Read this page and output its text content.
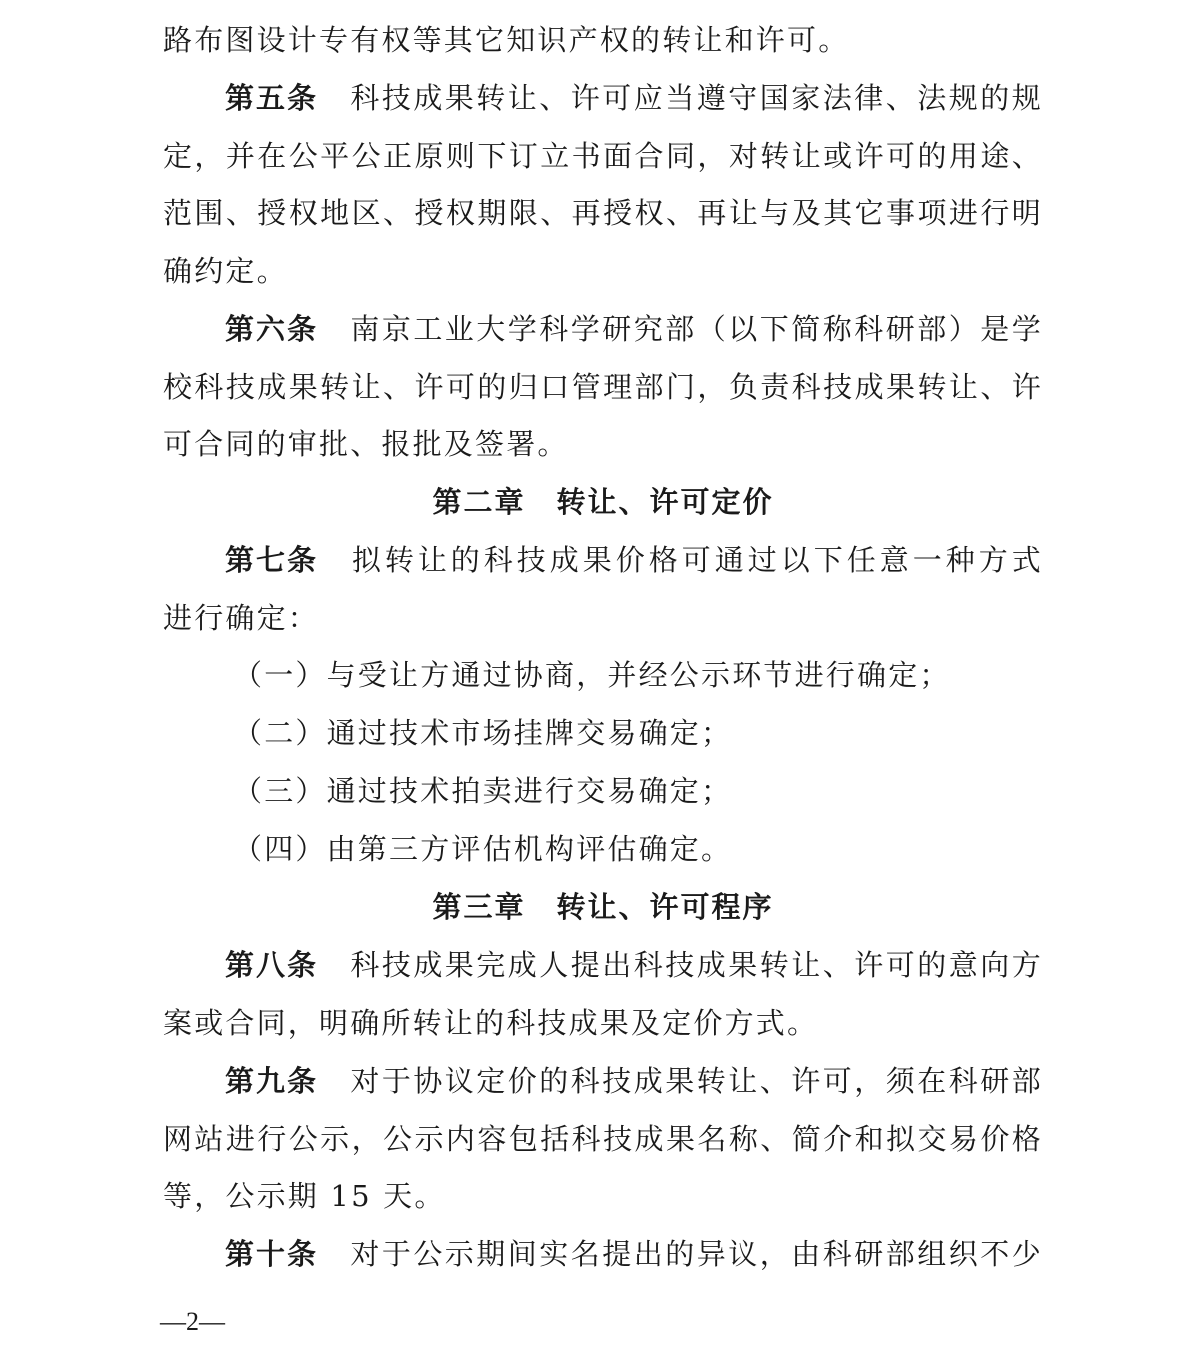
路布图设计专有权等其它知识产权的转让和许可。
第五条 科技成果转让、许可应当遵守国家法律、法规的规
定，并在公平公正原则下订立书面合同，对转让或许可的用途、
范围、授权地区、授权期限、再授权、再让与及其它事项进行明
确约定。
第六条 南京工业大学科学研究部（以下简称科研部）是学
校科技成果转让、许可的归口管理部门，负责科技成果转让、许
可合同的审批、报批及签署。
第二章　转让、许可定价
第七条 拟转让的科技成果价格可通过以下任意一种方式
进行确定：
（一）与受让方通过协商，并经公示环节进行确定；
（二）通过技术市场挂牌交易确定；
（三）通过技术拍卖进行交易确定；
（四）由第三方评估机构评估确定。
第三章　转让、许可程序
第八条 科技成果完成人提出科技成果转让、许可的意向方
案或合同，明确所转让的科技成果及定价方式。
第九条 对于协议定价的科技成果转让、许可，须在科研部
网站进行公示，公示内容包括科技成果名称、简介和拟交易价格
等，公示期 15 天。
第十条 对于公示期间实名提出的异议，由科研部组织不少
—2—
